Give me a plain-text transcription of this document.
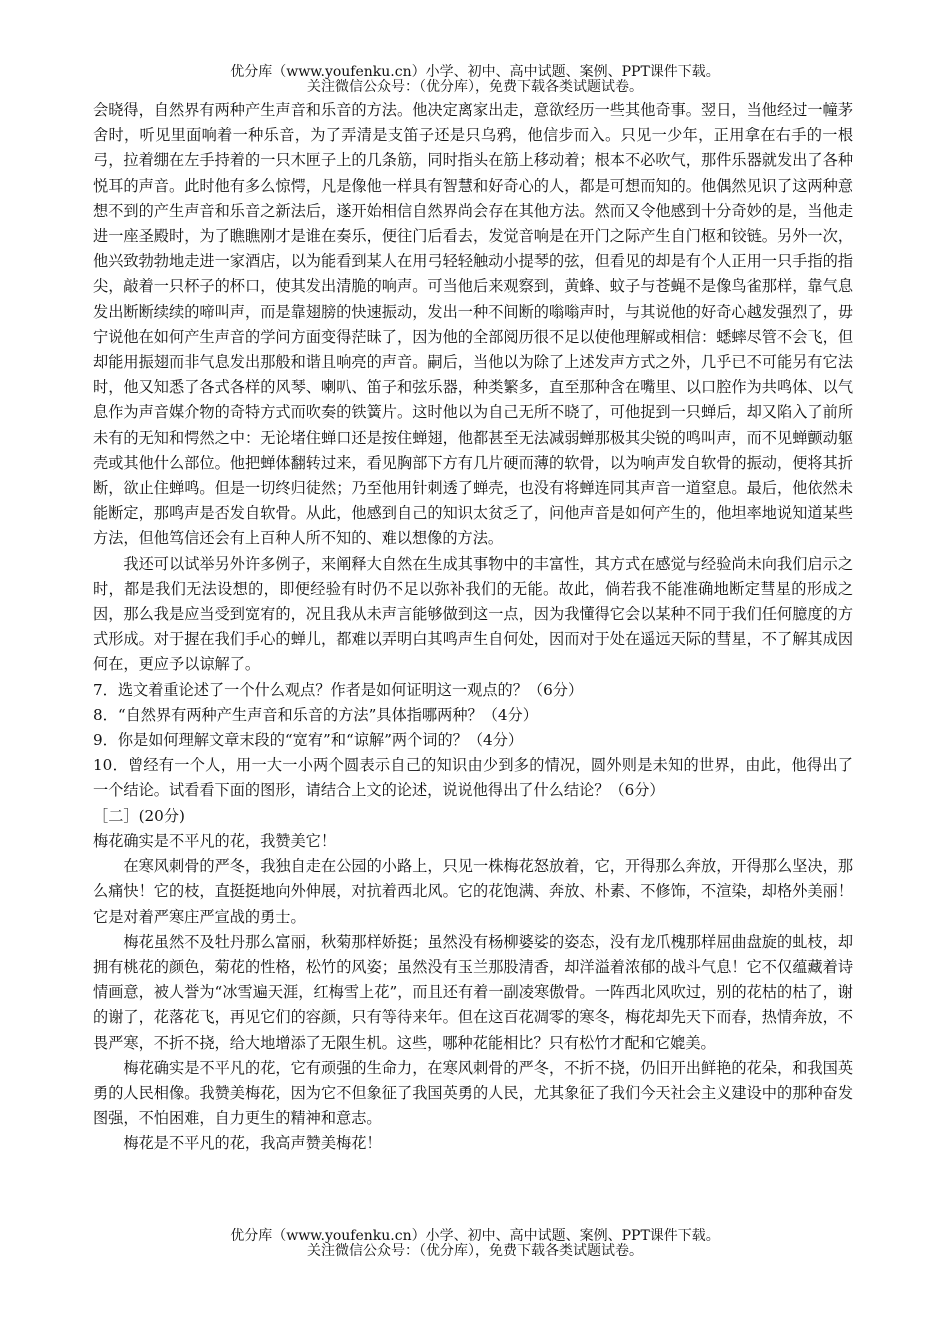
优分库（www.youfenku.cn）小学、初中、高中试题、案例、PPT课件下载。
关注微信公众号：（优分库），免费下载各类试题试卷。

会晓得，自然界有两种产生声音和乐音的方法。他决定离家出走，意欲经历一些其他奇事。翌日，当他经过一幢茅舍时，听见里面响着一种乐音，为了弄清是支笛子还是只乌鸦，他信步而入。只见一少年，正用拿在右手的一根弓，拉着绷在左手持着的一只木匣子上的几条筋，同时指头在筋上移动着；根本不必吹气，那件乐器就发出了各种悦耳的声音。此时他有多么惊愕，凡是像他一样具有智慧和好奇心的人，都是可想而知的。他偶然见识了这两种意想不到的产生声音和乐音之新法后，遂开始相信自然界尚会存在其他方法。然而又令他感到十分奇妙的是，当他走进一座圣殿时，为了瞧瞧刚才是谁在奏乐，便往门后看去，发觉音响是在开门之际产生自门枢和铰链。另外一次，他兴致勃勃地走进一家酒店，以为能看到某人在用弓轻轻触动小提琴的弦，但看见的却是有个人正用一只手指的指尖，敲着一只杯子的杯口，使其发出清脆的响声。可当他后来观察到，黄蜂、蚊子与苍蝇不是像鸟雀那样，靠气息发出断断续续的啼叫声，而是靠翅膀的快速振动，发出一种不间断的嗡嗡声时，与其说他的好奇心越发强烈了，毋宁说他在如何产生声音的学问方面变得茫昧了，因为他的全部阅历很不足以使他理解或相信：蟋蟀尽管不会飞，但却能用振翅而非气息发出那般和谐且响亮的声音。嗣后，当他以为除了上述发声方式之外，几乎已不可能另有它法时，他又知悉了各式各样的风琴、喇叭、笛子和弦乐器，种类繁多，直至那种含在嘴里、以口腔作为共鸣体、以气息作为声音媒介物的奇特方式而吹奏的铁簧片。这时他以为自己无所不晓了，可他捉到一只蝉后，却又陷入了前所未有的无知和愕然之中：无论堵住蝉口还是按住蝉翅，他都甚至无法减弱蝉那极其尖锐的鸣叫声，而不见蝉颤动躯壳或其他什么部位。他把蝉体翻转过来，看见胸部下方有几片硬而薄的软骨，以为响声发自软骨的振动，便将其折断，欲止住蝉鸣。但是一切终归徒然；乃至他用针刺透了蝉壳，也没有将蝉连同其声音一道窒息。最后，他依然未能断定，那鸣声是否发自软骨。从此，他感到自己的知识太贫乏了，问他声音是如何产生的，他坦率地说知道某些方法，但他笃信还会有上百种人所不知的、难以想像的方法。

我还可以试举另外许多例子，来阐释大自然在生成其事物中的丰富性，其方式在感觉与经验尚未向我们启示之时，都是我们无法设想的，即便经验有时仍不足以弥补我们的无能。故此，倘若我不能准确地断定彗星的形成之因，那么我是应当受到宽宥的，况且我从未声言能够做到这一点，因为我懂得它会以某种不同于我们任何臆度的方式形成。对于握在我们手心的蝉儿，都难以弄明白其鸣声生自何处，因而对于处在遥远天际的彗星，不了解其成因何在，更应予以谅解了。

7．选文着重论述了一个什么观点？作者是如何证明这一观点的？（6分）

8．“自然界有两种产生声音和乐音的方法”具体指哪两种？（4分）

9．你是如何理解文章末段的“宽宥”和“谅解”两个词的？（4分）

10．曾经有一个人，用一大一小两个圆表示自己的知识由少到多的情况，圆外则是未知的世界，由此，他得出了一个结论。试看看下面的图形，请结合上文的论述，说说他得出了什么结论？（6分）

［二］(20分)

梅花确实是不平凡的花，我赞美它！

在寒风刺骨的严冬，我独自走在公园的小路上，只见一株梅花怒放着，它，开得那么奔放，开得那么坚决，那么痛快！它的枝，直挺挺地向外伸展，对抗着西北风。它的花饱满、奔放、朴素、不修饰，不渲染，却格外美丽！它是对着严寒庄严宣战的勇士。

梅花虽然不及牡丹那么富丽，秋菊那样娇挺；虽然没有杨柳婆娑的姿态，没有龙爪槐那样屈曲盘旋的虬枝，却拥有桃花的颜色，菊花的性格，松竹的风姿；虽然没有玉兰那股清香，却洋溢着浓郁的战斗气息！它不仅蕴藏着诗情画意，被人誉为“冰雪遍天涯，红梅雪上花”，而且还有着一副凌寒傲骨。一阵西北风吹过，别的花枯的枯了，谢的谢了，花落花飞，再见它们的容颜，只有等待来年。但在这百花凋零的寒冬，梅花却先天下而春，热情奔放，不畏严寒，不折不挠，给大地增添了无限生机。这些，哪种花能相比？只有松竹才配和它媲美。

梅花确实是不平凡的花，它有顽强的生命力，在寒风刺骨的严冬，不折不挠，仍旧开出鲜艳的花朵，和我国英勇的人民相像。我赞美梅花，因为它不但象征了我国英勇的人民，尤其象征了我们今天社会主义建设中的那种奋发图强，不怕困难，自力更生的精神和意志。

梅花是不平凡的花，我高声赞美梅花！

优分库（www.youfenku.cn）小学、初中、高中试题、案例、PPT课件下载。
关注微信公众号：（优分库），免费下载各类试题试卷。
